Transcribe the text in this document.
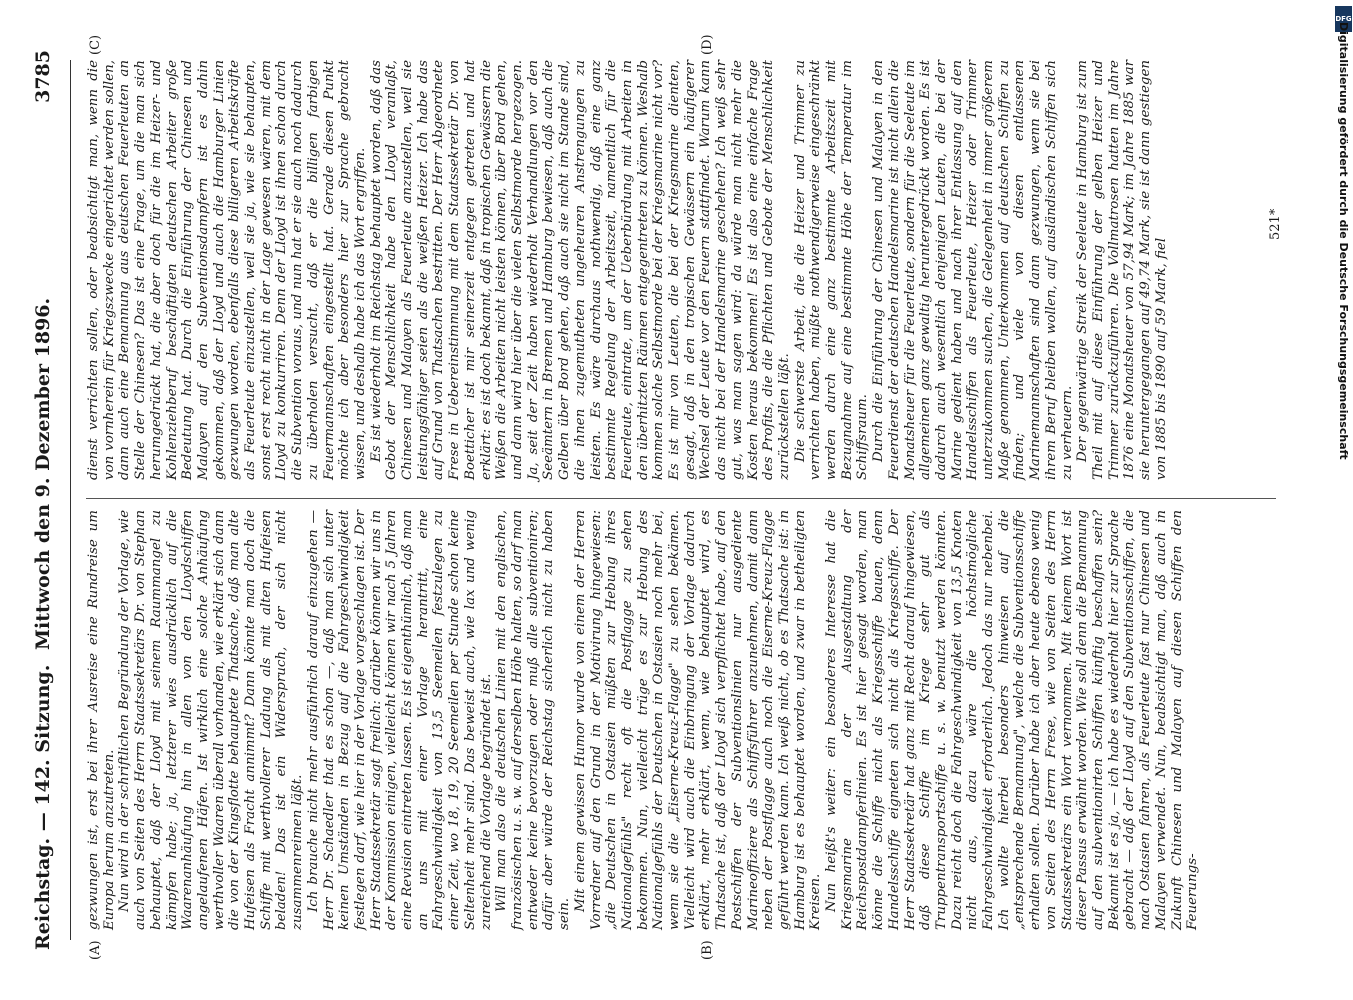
Reichstag. — 142. Sitzung.
Mittwoch den 9. Dezember 1896.
3785
(A)	(B)
(C)	(D)

gezwungen ist, erst bei ihrer Ausreise eine Rundreise um Europa herum anzutreten. Nun wird in der schriftlichen Begründung der Vorlage, wie auch von Seiten des Herrn Staatssekretärs Dr. von Stephan behauptet, daß der Lloyd mit seinem Raummangel zu kämpfen habe; ja, letzterer wies ausdrücklich auf die Waarenanhäufung hin in allen von den Lloydschiffen angelaufenen Häfen. Ist wirklich eine solche Anhäufung werthvoller Waaren überall vorhanden, wie erklärt sich dann die von der Kingsflotte behauptete Thatsache, daß man alte Hufeisen als Fracht annimmt? Dann könnte man doch die Schiffe mit werthvollerer Ladung als mit alten Hufeisen beladen! Das ist ein Widerspruch, der sich nicht zusammenreimen läßt. Ich brauche nicht mehr ausführlich darauf einzugehen — Herr Dr. Schaedler that es schon —, daß man sich unter keinen Umständen in Bezug auf die Fahrgeschwindigkeit festlegen darf, wie hier in der Vorlage vorgeschlagen ist. Der Herr Staatssekretär sagt freilich: darüber können wir uns in der Kommission einigen, vielleicht können wir nach 5 Jahren eine Revision eintreten lassen. Es ist eigenthümlich, daß man an uns mit einer Vorlage herantritt, eine Fahrgeschwindigkeit von 13,5 Seemeilen festzulegen zu einer Zeit, wo 18, 19, 20 Seemeilen per Stunde schon keine Seltenheit mehr sind. Das beweist auch, wie lax und wenig zureichend die Vorlage begründet ist. Will man also die deutschen Linien mit den englischen, französischen u. s. w. auf derselben Höhe halten, so darf man entweder keine bevorzugen oder muß alle subventioniren; dafür aber würde der Reichstag sicherlich nicht zu haben sein.

Mit einem gewissen Humor wurde von einem der Herren Vorredner auf den Grund in der Motivirung hingewiesen: „die Deutschen in Ostasien müßten zur Hebung ihres Nationalgefühls" recht oft die Postflagge zu sehen bekommen. Nun, vielleicht trüge es zur Hebung des Nationalgefühls der Deutschen in Ostasien noch mehr bei, wenn sie die „Eiserne-Kreuz-Flagge" zu sehen bekämen. Vielleicht wird auch die Einbringung der Vorlage dadurch erklärt, mehr erklärt, wenn, wie behauptet wird, es Thatsache ist, daß der Lloyd sich verpflichtet habe, auf den Postschiffen der Subventionslinien nur ausgediente Marineoffiziere als Schiffsführer anzunehmen, damit dann neben der Postflagge auch noch die Eiserne-Kreuz-Flagge geführt werden kann. Ich weiß nicht, ob es Thatsache ist: in Hamburg ist es behauptet worden, und zwar in betheiligten Kreisen. Nun heißt's weiter: ein besonderes Interesse hat die Kriegsmarine an der Ausgestaltung der Reichspostdampferlinien. Es ist hier gesagt worden, man könne die Schiffe nicht als Kriegsschiffe bauen, denn Handelsschiffe eigneten sich nicht als Kriegsschiffe. Der Herr Staatssekretär hat ganz mit Recht darauf hingewiesen, daß diese Schiffe im Kriege sehr gut als Truppentransportschiffe u. s. w. benutzt werden könnten. Dazu reicht doch die Fahrgeschwindigkeit von 13,5 Knoten nicht aus, dazu wäre die höchstmögliche Fahrgeschwindigkeit erforderlich. Jedoch das nur nebenbei. Ich wollte hierbei besonders hinweisen auf die „entsprechende Bemannung", welche die Subventionsschiffe erhalten sollen. Darüber habe ich aber heute ebenso wenig von Seiten des Herrn Frese, wie von Seiten des Herrn Staatssekretärs ein Wort vernommen. Mit keinem Wort ist dieser Passus erwähnt worden. Wie soll denn die Bemannung auf den subventionirten Schiffen künftig beschaffen sein? Bekannt ist es ja, — ich habe es wiederholt hier zur Sprache gebracht — daß der Lloyd auf den Subventionsschiffen, die nach Ostasien fahren, als Feuerleute fast nur Chinesen und Malayen verwendet. Nun, beabsichtigt man, daß auch in Zukunft Chinesen und Malayen auf diesen Schiffen den Feuerungs-

dienst verrichten sollen, oder beabsichtigt man, wenn die von vornherein für Kriegszwecke eingerichtet werden sollen, dann auch eine Bemannung aus deutschen Feuerleuten an Stelle der Chinesen? Das ist eine Frage, um die man sich herumgedrückt hat, die aber doch für die im Heizer- und Kohlenziehberuf beschäftigten deutschen Arbeiter große Bedeutung hat. Durch die Einführung der Chinesen und Malayen auf den Subventionsdampfern ist es dahin gekommen, daß der Lloyd und auch die Hamburger Linien gezwungen worden, ebenfalls diese billigeren Arbeitskräfte als Feuerleute einzustellen, weil sie ja, wie sie behaupten, sonst erst recht nicht in der Lage gewesen wären, mit dem Lloyd zu konkurriren. Denn der Lloyd ist ihnen schon durch die Subvention voraus, und nun hat er sie auch noch dadurch zu überholen versucht, daß er die billigen farbigen Feuermannschaften eingestellt hat. Gerade diesen Punkt möchte ich aber besonders hier zur Sprache gebracht wissen, und deshalb habe ich das Wort ergriffen. Es ist wiederholt im Reichstag behauptet worden, daß das Gebot der Menschlichkeit habe den Lloyd veranlaßt, Chinesen und Malayen als Feuerleute anzustellen, weil sie leistungsfähiger seien als die weißen Heizer. Ich habe das auf Grund von Thatsachen bestritten. Der Herr Abgeordnete Frese in Uebereinstimmung mit dem Staatssekretär Dr. von Boetticher ist mir seinerzeit entgegen getreten und hat erklärt: es ist doch bekannt, daß in tropischen Gewässern die Weißen die Arbeiten nicht leisten können, über Bord gehen, und dann wird hier über die vielen Selbstmorde hergezogen. Ja, seit der Zeit haben wiederholt Verhandlungen vor den Seeämtern in Bremen und Hamburg bewiesen, daß auch die Gelben über Bord gehen, daß auch sie nicht im Stande sind, die ihnen zugemutheten ungeheuren Anstrengungen zu leisten. Es wäre durchaus nothwendig, daß eine ganz bestimmte Regelung der Arbeitszeit, namentlich für die Feuerleute, eintrate, um der Ueberbürdung mit Arbeiten in den überhitzten Räumen entgegentreten zu können. Weshalb kommen solche Selbstmorde bei der Kriegsmarine nicht vor? Es ist mir von Leuten, die bei der Kriegsmarine dienten, gesagt, daß in den tropischen Gewässern ein häufigerer Wechsel der Leute vor den Feuern stattfindet. Warum kann das nicht bei der Handelsmarine geschehen? Ich weiß sehr gut, was man sagen wird: da würde man nicht mehr die Kosten heraus bekommen! Es ist also eine einfache Frage des Profits, die die Pflichten und Gebote der Menschlichkeit zurückstellen läßt. Die schwerste Arbeit, die die Heizer und Trimmer zu verrichten haben, müßte nothwendigerweise eingeschränkt werden durch eine ganz bestimmte Arbeitszeit mit Bezugnahme auf eine bestimmte Höhe der Temperatur im Schiffsraum. Durch die Einführung der Chinesen und Malayen in den Feuerdienst der deutschen Handelsmarine ist nicht allein die Monatsheuer für die Feuerleute, sondern für die Seeleute im allgemeinen ganz gewaltig heruntergedrückt worden. Es ist dadurch auch wesentlich denjenigen Leuten, die bei der Marine gedient haben und nach ihrer Entlassung auf den Handelsschiffen als Feuerleute, Heizer oder Trimmer unterzukommen suchen, die Gelegenheit in immer größerem Maße genommen, Unterkommen auf deutschen Schiffen zu finden; und viele von diesen entlassenen Marinemannschaften sind dann gezwungen, wenn sie bei ihrem Beruf bleiben wollen, auf ausländischen Schiffen sich zu verheuern. Der gegenwärtige Streik der Seeleute in Hamburg ist zum Theil mit auf diese Einführung der gelben Heizer und Trimmer zurückzuführen. Die Vollmatrosen hatten im Jahre 1876 eine Monatsheuer von 57,94 Mark; im Jahre 1885 war sie heruntergegangen auf 49,74 Mark, sie ist dann gestiegen von 1885 bis 1890 auf 59 Mark, fiel

521*
DFG
Digitalisierung gefördert durch die Deutsche Forschungsgemeinschaft
